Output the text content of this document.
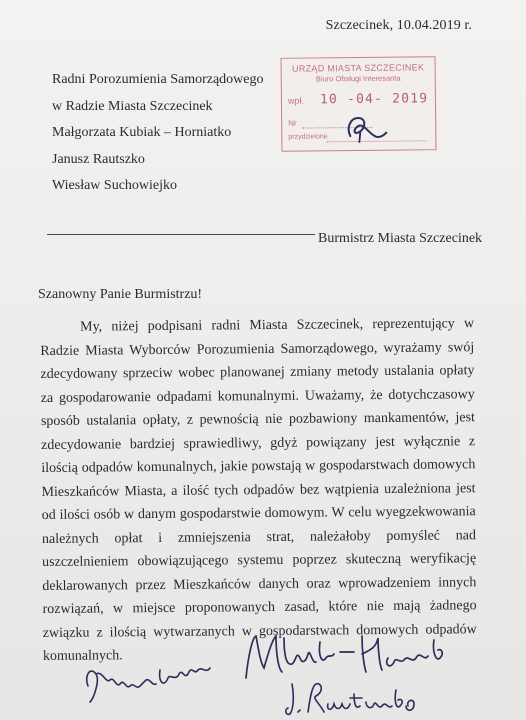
Szczecinek, 10.04.2019 r.
Radni Porozumienia Samorządowego
w Radzie Miasta Szczecinek
Małgorzata Kubiak – Horniatko
Janusz Rautszko
Wiesław Suchowiejko
URZĄD MIASTA SZCZECINEK
Biuro Obsługi Interesanta
wpł. 10 -04- 2019
Nr
przydzielone
Burmistrz Miasta Szczecinek
Szanowny Panie Burmistrzu!
My, niżej podpisani radni Miasta Szczecinek, reprezentujący w Radzie Miasta Wyborców Porozumienia Samorządowego, wyrażamy swój zdecydowany sprzeciw wobec planowanej zmiany metody ustalania opłaty za gospodarowanie odpadami komunalnymi. Uważamy, że dotychczasowy sposób ustalania opłaty, z pewnością nie pozbawiony mankamentów, jest zdecydowanie bardziej sprawiedliwy, gdyż powiązany jest wyłącznie z ilością odpadów komunalnych, jakie powstają w gospodarstwach domowych Mieszkańców Miasta, a ilość tych odpadów bez wątpienia uzależniona jest od ilości osób w danym gospodarstwie domowym. W celu wyegzekwowania należnych opłat i zmniejszenia strat, należałoby pomyśleć nad uszczelnieniem obowiązującego systemu poprzez skuteczną weryfikację deklarowanych przez Mieszkańców danych oraz wprowadzeniem innych rozwiązań, w miejsce proponowanych zasad, które nie mają żadnego związku z ilością wytwarzanych w gospodarstwach domowych odpadów komunalnych.
